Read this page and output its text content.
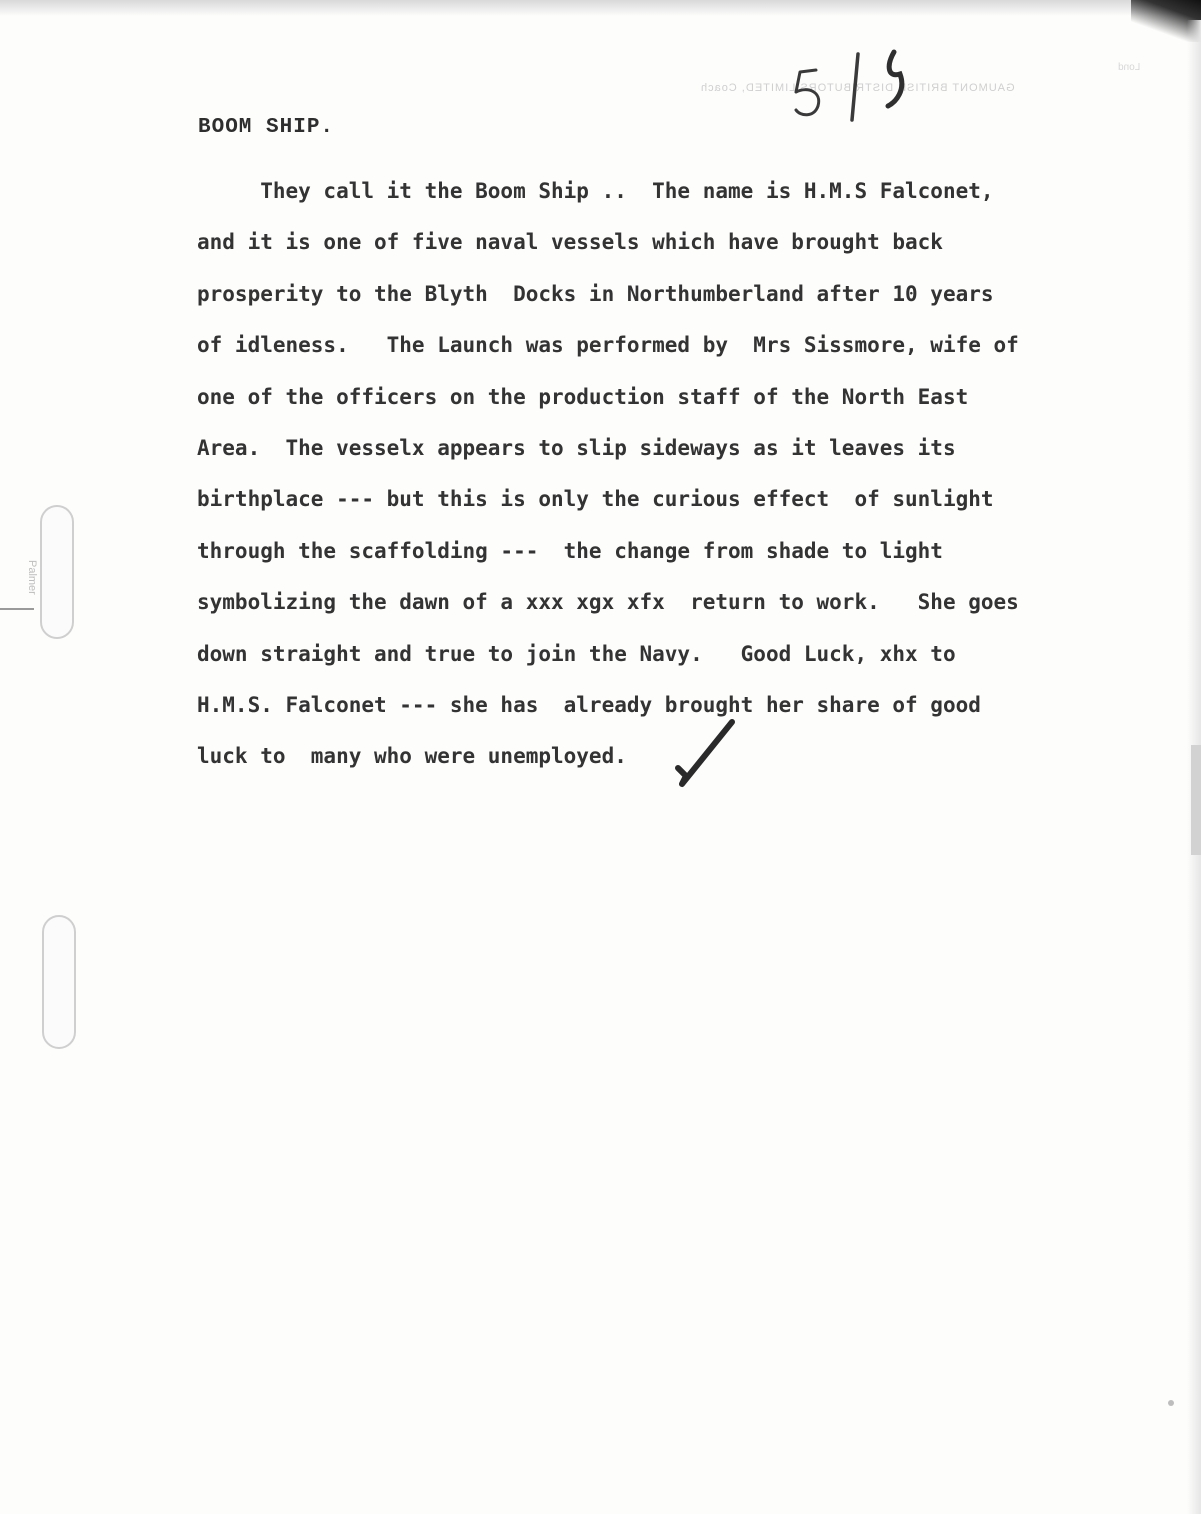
GAUMONT BRITISH DISTRIBUTORS LIMITED, Coach
Lond
Palmer
BOOM SHIP.
They call it the Boom Ship ..  The name is H.M.S Falconet,
and it is one of five naval vessels which have brought back
prosperity to the Blyth  Docks in Northumberland after 10 years
of idleness.   The Launch was performed by  Mrs Sissmore, wife of
one of the officers on the production staff of the North East
Area.  The vesselx appears to slip sideways as it leaves its
birthplace --- but this is only the curious effect  of sunlight
through the scaffolding ---  the change from shade to light
symbolizing the dawn of a xxx xgx xfx  return to work.   She goes
down straight and true to join the Navy.   Good Luck, xhx to
H.M.S. Falconet --- she has  already brought her share of good
luck to  many who were unemployed.
